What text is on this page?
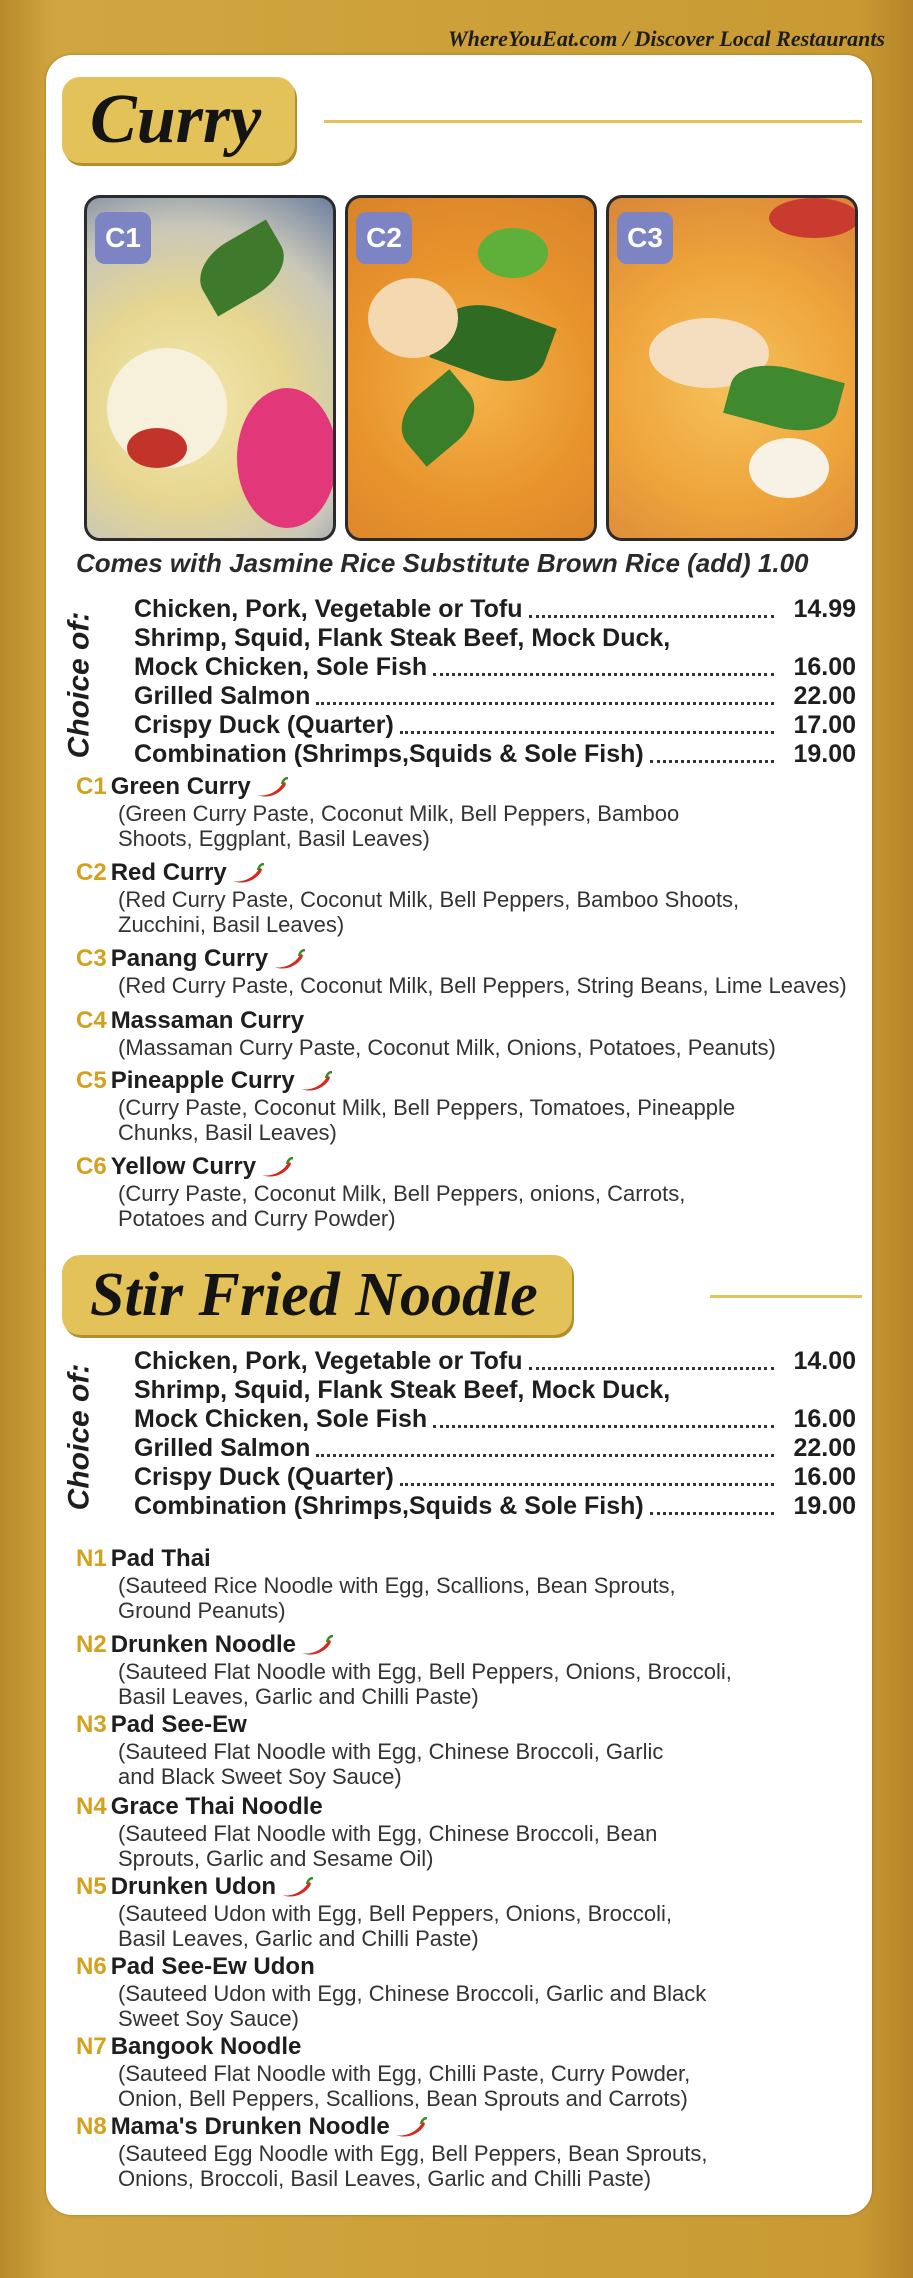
WhereYouEat.com / Discover Local Restaurants
Curry
C1	C2	C3
Comes with Jasmine Rice Substitute Brown Rice (add) 1.00
Choice of:
Chicken, Pork, Vegetable or Tofu	14.99
Shrimp, Squid, Flank Steak Beef, Mock Duck,
Mock Chicken, Sole Fish	16.00
Grilled Salmon	22.00
Crispy Duck (Quarter)	17.00
Combination (Shrimps,Squids & Sole Fish)	19.00
C1 Green Curry
(Green Curry Paste, Coconut Milk, Bell Peppers, Bamboo
Shoots, Eggplant, Basil Leaves)
C2 Red Curry
(Red Curry Paste, Coconut Milk, Bell Peppers, Bamboo Shoots,
Zucchini, Basil Leaves)
C3 Panang Curry
(Red Curry Paste, Coconut Milk, Bell Peppers, String Beans, Lime Leaves)
C4 Massaman Curry
(Massaman Curry Paste, Coconut Milk, Onions, Potatoes, Peanuts)
C5 Pineapple Curry
(Curry Paste, Coconut Milk, Bell Peppers, Tomatoes, Pineapple
Chunks, Basil Leaves)
C6 Yellow Curry
(Curry Paste, Coconut Milk, Bell Peppers, onions, Carrots,
Potatoes and Curry Powder)
Stir Fried Noodle
Choice of:
Chicken, Pork, Vegetable or Tofu	14.00
Shrimp, Squid, Flank Steak Beef, Mock Duck,
Mock Chicken, Sole Fish	16.00
Grilled Salmon	22.00
Crispy Duck (Quarter)	16.00
Combination (Shrimps,Squids & Sole Fish)	19.00
N1 Pad Thai
(Sauteed Rice Noodle with Egg, Scallions, Bean Sprouts,
Ground Peanuts)
N2 Drunken Noodle
(Sauteed Flat Noodle with Egg, Bell Peppers, Onions, Broccoli,
Basil Leaves, Garlic and Chilli Paste)
N3 Pad See-Ew
(Sauteed Flat Noodle with Egg, Chinese Broccoli, Garlic
and Black Sweet Soy Sauce)
N4 Grace Thai Noodle
(Sauteed Flat Noodle with Egg, Chinese Broccoli, Bean
Sprouts, Garlic and Sesame Oil)
N5 Drunken Udon
(Sauteed Udon with Egg, Bell Peppers, Onions, Broccoli,
Basil Leaves, Garlic and Chilli Paste)
N6 Pad See-Ew Udon
(Sauteed Udon with Egg, Chinese Broccoli, Garlic and Black
Sweet Soy Sauce)
N7 Bangook Noodle
(Sauteed Flat Noodle with Egg, Chilli Paste, Curry Powder,
Onion, Bell Peppers, Scallions, Bean Sprouts and Carrots)
N8 Mama's Drunken Noodle
(Sauteed Egg Noodle with Egg, Bell Peppers, Bean Sprouts,
Onions, Broccoli, Basil Leaves, Garlic and Chilli Paste)
